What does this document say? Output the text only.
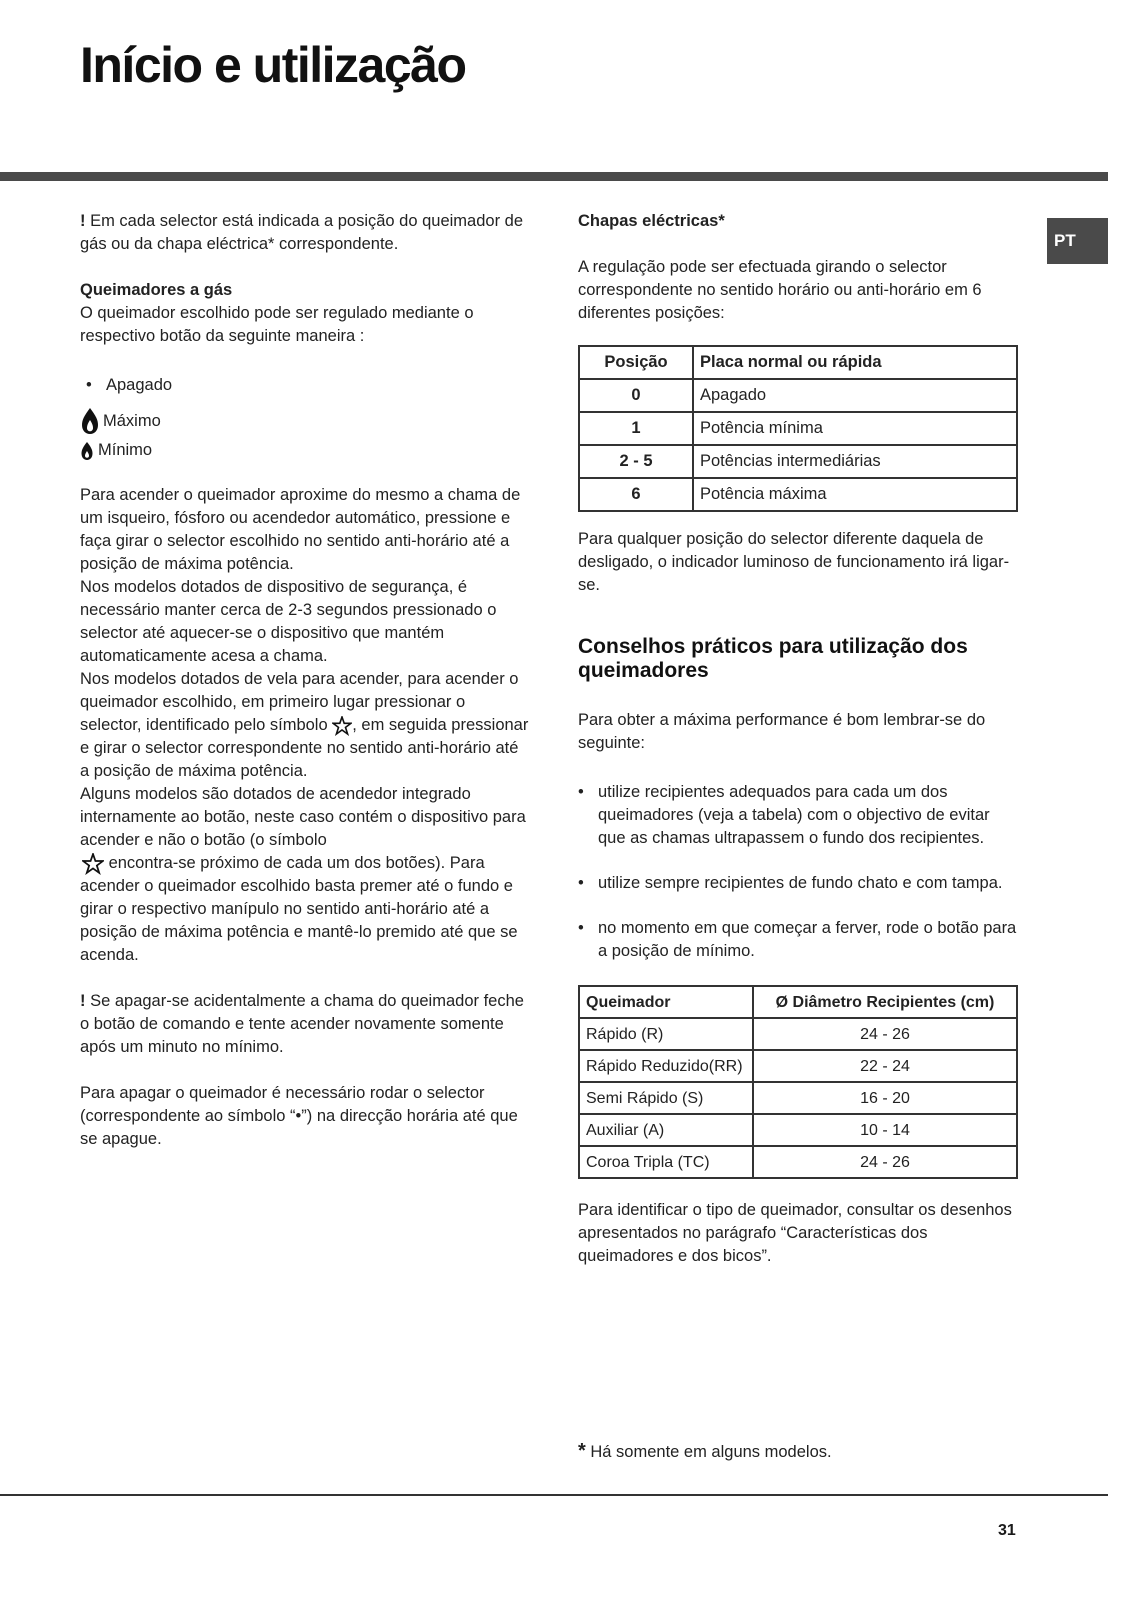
Início e utilização
PT

! Em cada selector está indicada a posição do queimador de gás ou da chapa eléctrica* correspondente.

Queimadores a gás

O queimador escolhido pode ser regulado mediante o respectivo botão da seguinte maneira :

• Apagado
Máximo
Mínimo

Para acender o queimador aproxime do mesmo a chama de um isqueiro, fósforo ou acendedor automático, pressione e faça girar o selector escolhido no sentido anti-horário até a posição de máxima potência.

Nos modelos dotados de dispositivo de segurança, é necessário manter cerca de 2-3 segundos pressionado o selector até aquecer-se o dispositivo que mantém automaticamente acesa a chama.

Nos modelos dotados de vela para acender, para acender o queimador escolhido, em primeiro lugar pressionar o selector, identificado pelo símbolo , em seguida pressionar e girar o selector correspondente no sentido anti-horário até a posição de máxima potência.

Alguns modelos são dotados de acendedor integrado internamente ao botão, neste caso contém o dispositivo para acender e não o botão (o símbolo
encontra-se próximo de cada um dos botões). Para acender o queimador escolhido basta premer até o fundo e girar o respectivo manípulo no sentido anti-horário até a posição de máxima potência e mantê-lo premido até que se acenda.

! Se apagar-se acidentalmente a chama do queimador feche o botão de comando e tente acender novamente somente após um minuto no mínimo.

Para apagar o queimador é necessário rodar o selector (correspondente ao símbolo “•”) na direcção horária até que se apague.

Chapas eléctricas*

A regulação pode ser efectuada girando o selector correspondente no sentido horário ou anti-horário em 6 diferentes posições:

Posição	Placa normal ou rápida
0	Apagado
1	Potência mínima
2 - 5	Potências intermediárias
6	Potência máxima

Para qualquer posição do selector diferente daquela de desligado, o indicador luminoso de funcionamento irá ligar-se.

Conselhos práticos para utilização dos queimadores

Para obter a máxima performance é bom lembrar-se do seguinte:

• utilize recipientes adequados para cada um dos queimadores (veja a tabela) com o objectivo de evitar que as chamas ultrapassem o fundo dos recipientes.
• utilize sempre recipientes de fundo chato e com tampa.
• no momento em que começar a ferver, rode o botão para a posição de mínimo.
Queimador	Ø Diâmetro Recipientes (cm)
Rápido (R)	24 - 26
Rápido Reduzido(RR)	22 - 24
Semi Rápido (S)	16 - 20
Auxiliar (A)	10 - 14
Coroa Tripla (TC)	24 - 26

Para identificar o tipo de queimador, consultar os desenhos apresentados no parágrafo “Características dos queimadores e dos bicos”.

* Há somente em alguns modelos.
31
